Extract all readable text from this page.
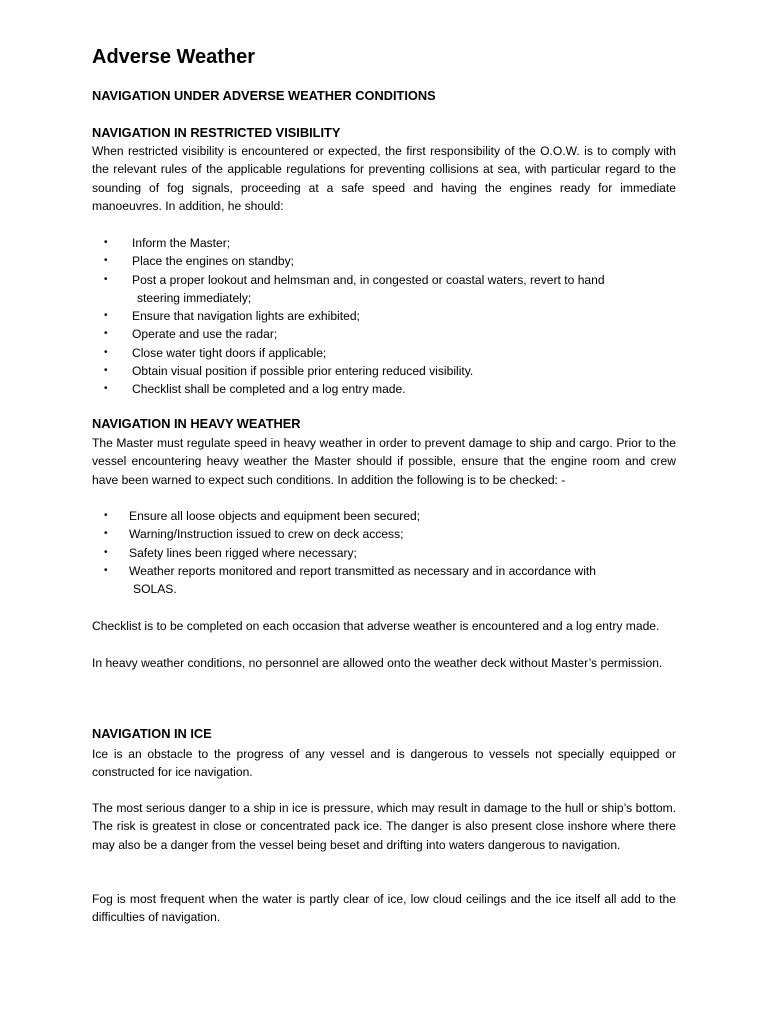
Adverse Weather
NAVIGATION UNDER ADVERSE WEATHER CONDITIONS
NAVIGATION IN RESTRICTED VISIBILITY

When restricted visibility is encountered or expected, the first responsibility of the O.O.W. is to comply with the relevant rules of the applicable regulations for preventing collisions at sea, with particular regard to the sounding of fog signals, proceeding at a safe speed and having the engines ready for immediate manoeuvres. In addition, he should:

• Inform the Master;
• Place the engines on standby;
• Post a proper lookout and helmsman and, in congested or coastal waters, revert to hand
steering immediately;
• Ensure that navigation lights are exhibited;
• Operate and use the radar;
• Close water tight doors if applicable;
• Obtain visual position if possible prior entering reduced visibility.
• Checklist shall be completed and a log entry made.
NAVIGATION IN HEAVY WEATHER

The Master must regulate speed in heavy weather in order to prevent damage to ship and cargo. Prior to the vessel encountering heavy weather the Master should if possible, ensure that the engine room and crew have been warned to expect such conditions. In addition the following is to be checked: -

• Ensure all loose objects and equipment been secured;
• Warning/Instruction issued to crew on deck access;
• Safety lines been rigged where necessary;
• Weather reports monitored and report transmitted as necessary and in accordance with
SOLAS.

Checklist is to be completed on each occasion that adverse weather is encountered and a log entry made.

In heavy weather conditions, no personnel are allowed onto the weather deck without Master’s permission.

NAVIGATION IN ICE

Ice is an obstacle to the progress of any vessel and is dangerous to vessels not specially equipped or constructed for ice navigation.

The most serious danger to a ship in ice is pressure, which may result in damage to the hull or ship’s bottom. The risk is greatest in close or concentrated pack ice. The danger is also present close inshore where there may also be a danger from the vessel being beset and drifting into waters dangerous to navigation.

Fog is most frequent when the water is partly clear of ice, low cloud ceilings and the ice itself all add to the difficulties of navigation.
